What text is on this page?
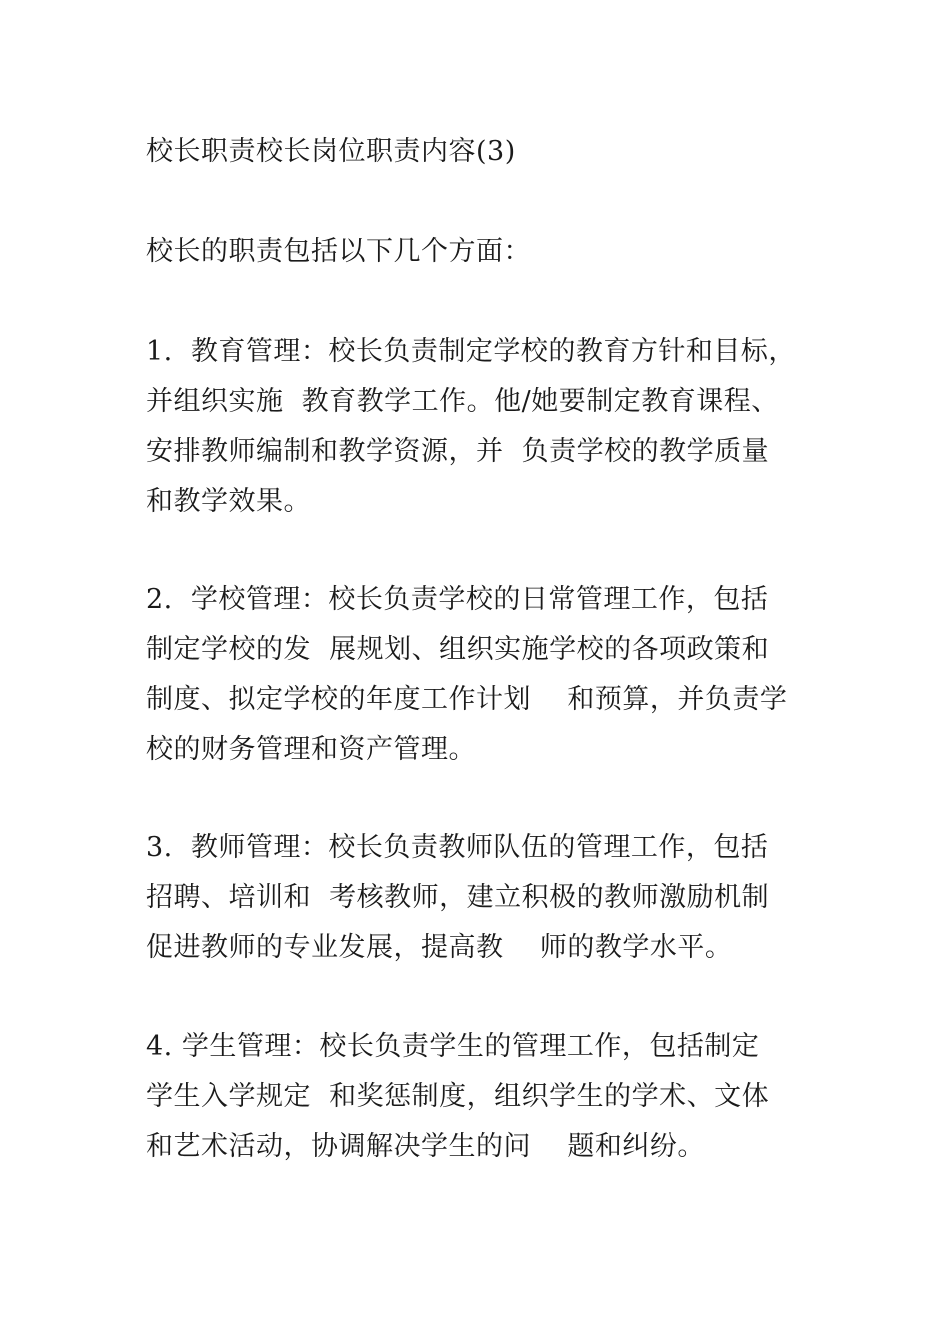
校长职责校长岗位职责内容(3)
校长的职责包括以下几个方面：
1.  教育管理：校长负责制定学校的教育方针和目标，
并组织实施  教育教学工作。他/她要制定教育课程、
安排教师编制和教学资源，并  负责学校的教学质量
和教学效果。
2.  学校管理：校长负责学校的日常管理工作，包括
制定学校的发  展规划、组织实施学校的各项政策和
制度、拟定学校的年度工作计划    和预算，并负责学
校的财务管理和资产管理。
3.  教师管理：校长负责教师队伍的管理工作，包括
招聘、培训和  考核教师，建立积极的教师激励机制
促进教师的专业发展，提高教    师的教学水平。
4. 学生管理：校长负责学生的管理工作，包括制定
学生入学规定  和奖惩制度，组织学生的学术、文体
和艺术活动，协调解决学生的问    题和纠纷。
